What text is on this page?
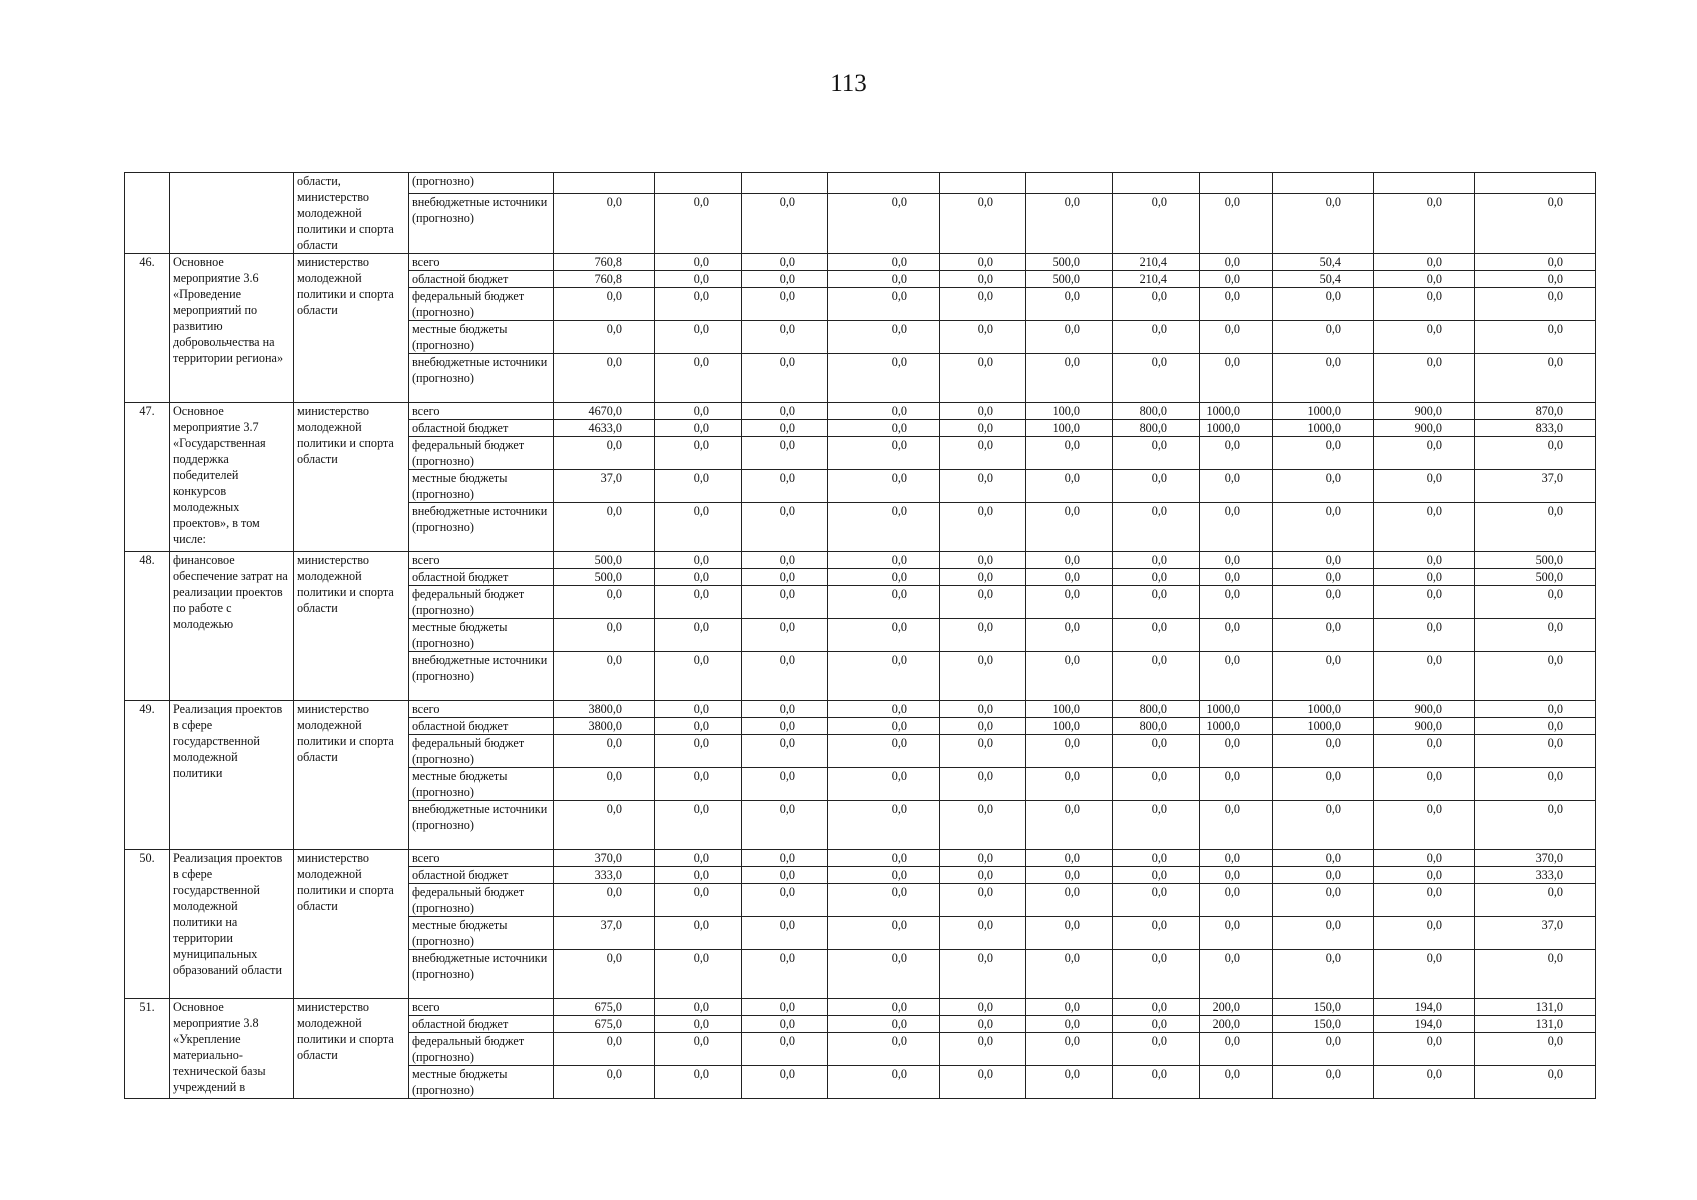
113
		области, министерство молодежной политики и спорта области	(прогнозно)											
			внебюджетные источники (прогнозно)	0,0	0,0	0,0	0,0	0,0	0,0	0,0	0,0	0,0	0,0	0,0
46.	Основное мероприятие 3.6 «Проведение мероприятий по развитию добровольчества на территории региона»	министерство молодежной политики и спорта области	всего	760,8	0,0	0,0	0,0	0,0	500,0	210,4	0,0	50,4	0,0	0,0
			областной бюджет	760,8	0,0	0,0	0,0	0,0	500,0	210,4	0,0	50,4	0,0	0,0
			федеральный бюджет (прогнозно)	0,0	0,0	0,0	0,0	0,0	0,0	0,0	0,0	0,0	0,0	0,0
			местные бюджеты (прогнозно)	0,0	0,0	0,0	0,0	0,0	0,0	0,0	0,0	0,0	0,0	0,0
			внебюджетные источники (прогнозно)	0,0	0,0	0,0	0,0	0,0	0,0	0,0	0,0	0,0	0,0	0,0
47.	Основное мероприятие 3.7 «Государственная поддержка победителей конкурсов молодежных проектов», в том числе:	министерство молодежной политики и спорта области	всего	4670,0	0,0	0,0	0,0	0,0	100,0	800,0	1000,0	1000,0	900,0	870,0
			областной бюджет	4633,0	0,0	0,0	0,0	0,0	100,0	800,0	1000,0	1000,0	900,0	833,0
			федеральный бюджет (прогнозно)	0,0	0,0	0,0	0,0	0,0	0,0	0,0	0,0	0,0	0,0	0,0
			местные бюджеты (прогнозно)	37,0	0,0	0,0	0,0	0,0	0,0	0,0	0,0	0,0	0,0	37,0
			внебюджетные источники (прогнозно)	0,0	0,0	0,0	0,0	0,0	0,0	0,0	0,0	0,0	0,0	0,0
48.	финансовое обеспечение затрат на реализации проектов по работе с молодежью	министерство молодежной политики и спорта области	всего	500,0	0,0	0,0	0,0	0,0	0,0	0,0	0,0	0,0	0,0	500,0
			областной бюджет	500,0	0,0	0,0	0,0	0,0	0,0	0,0	0,0	0,0	0,0	500,0
			федеральный бюджет (прогнозно)	0,0	0,0	0,0	0,0	0,0	0,0	0,0	0,0	0,0	0,0	0,0
			местные бюджеты (прогнозно)	0,0	0,0	0,0	0,0	0,0	0,0	0,0	0,0	0,0	0,0	0,0
			внебюджетные источники (прогнозно)	0,0	0,0	0,0	0,0	0,0	0,0	0,0	0,0	0,0	0,0	0,0
49.	Реализация проектов в сфере государственной молодежной политики	министерство молодежной политики и спорта области	всего	3800,0	0,0	0,0	0,0	0,0	100,0	800,0	1000,0	1000,0	900,0	0,0
			областной бюджет	3800,0	0,0	0,0	0,0	0,0	100,0	800,0	1000,0	1000,0	900,0	0,0
			федеральный бюджет (прогнозно)	0,0	0,0	0,0	0,0	0,0	0,0	0,0	0,0	0,0	0,0	0,0
			местные бюджеты (прогнозно)	0,0	0,0	0,0	0,0	0,0	0,0	0,0	0,0	0,0	0,0	0,0
			внебюджетные источники (прогнозно)	0,0	0,0	0,0	0,0	0,0	0,0	0,0	0,0	0,0	0,0	0,0
50.	Реализация проектов в сфере государственной молодежной политики на территории муниципальных образований области	министерство молодежной политики и спорта области	всего	370,0	0,0	0,0	0,0	0,0	0,0	0,0	0,0	0,0	0,0	370,0
			областной бюджет	333,0	0,0	0,0	0,0	0,0	0,0	0,0	0,0	0,0	0,0	333,0
			федеральный бюджет (прогнозно)	0,0	0,0	0,0	0,0	0,0	0,0	0,0	0,0	0,0	0,0	0,0
			местные бюджеты (прогнозно)	37,0	0,0	0,0	0,0	0,0	0,0	0,0	0,0	0,0	0,0	37,0
			внебюджетные источники (прогнозно)	0,0	0,0	0,0	0,0	0,0	0,0	0,0	0,0	0,0	0,0	0,0
51.	Основное мероприятие 3.8 «Укрепление материально-технической базы учреждений в	министерство молодежной политики и спорта области	всего	675,0	0,0	0,0	0,0	0,0	0,0	0,0	200,0	150,0	194,0	131,0
			областной бюджет	675,0	0,0	0,0	0,0	0,0	0,0	0,0	200,0	150,0	194,0	131,0
			федеральный бюджет (прогнозно)	0,0	0,0	0,0	0,0	0,0	0,0	0,0	0,0	0,0	0,0	0,0
			местные бюджеты (прогнозно)	0,0	0,0	0,0	0,0	0,0	0,0	0,0	0,0	0,0	0,0	0,0
